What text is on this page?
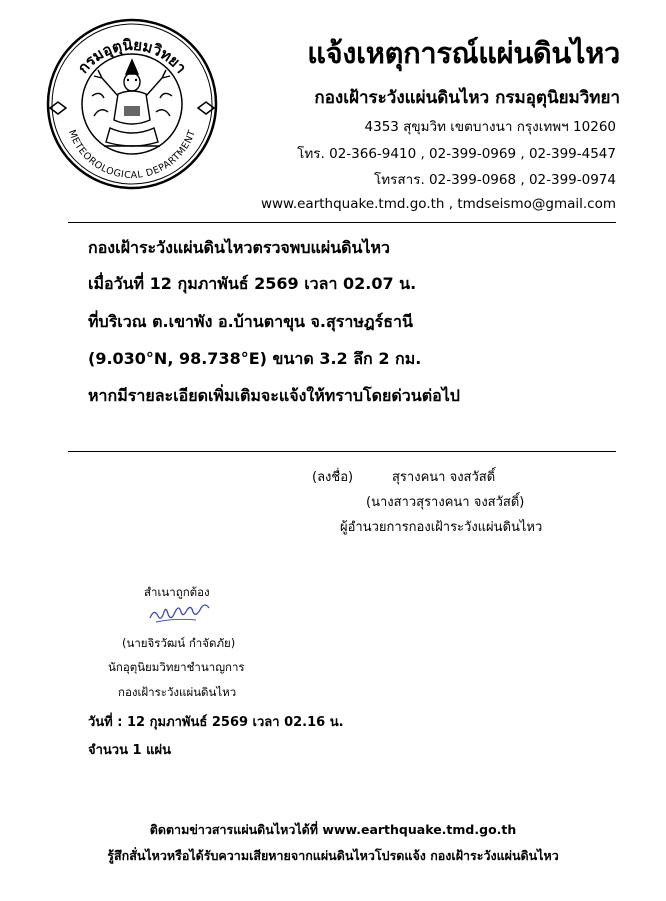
กรมอุตุนิยมวิทยา
METEOROLOGICAL DEPARTMENT
แจ้งเหตุการณ์แผ่นดินไหว
กองเฝ้าระวังแผ่นดินไหว กรมอุตุนิยมวิทยา
4353 สุขุมวิท เขตบางนา กรุงเทพฯ 10260
โทร. 02-366-9410 , 02-399-0969 , 02-399-4547
โทรสาร. 02-399-0968 , 02-399-0974
www.earthquake.tmd.go.th , tmdseismo@gmail.com
กองเฝ้าระวังแผ่นดินไหวตรวจพบแผ่นดินไหว
เมื่อวันที่ 12 กุมภาพันธ์ 2569 เวลา 02.07 น.
ที่บริเวณ ต.เขาพัง อ.บ้านตาขุน จ.สุราษฎร์ธานี
(9.030°N, 98.738°E) ขนาด 3.2 ลึก 2 กม.
หากมีรายละเอียดเพิ่มเติมจะแจ้งให้ทราบโดยด่วนต่อไป
(ลงชื่อ)	สุรางคนา จงสวัสดิ์
(นางสาวสุรางคนา จงสวัสดิ์)
ผู้อำนวยการกองเฝ้าระวังแผ่นดินไหว
สำเนาถูกต้อง
(นายจิรวัฒน์ กำจัดภัย)
นักอุตุนิยมวิทยาชำนาญการ
กองเฝ้าระวังแผ่นดินไหว
วันที่ : 12 กุมภาพันธ์ 2569 เวลา 02.16 น.
จำนวน 1 แผ่น
ติดตามข่าวสารแผ่นดินไหวได้ที่ www.earthquake.tmd.go.th
รู้สึกสั่นไหวหรือได้รับความเสียหายจากแผ่นดินไหวโปรดแจ้ง กองเฝ้าระวังแผ่นดินไหว
